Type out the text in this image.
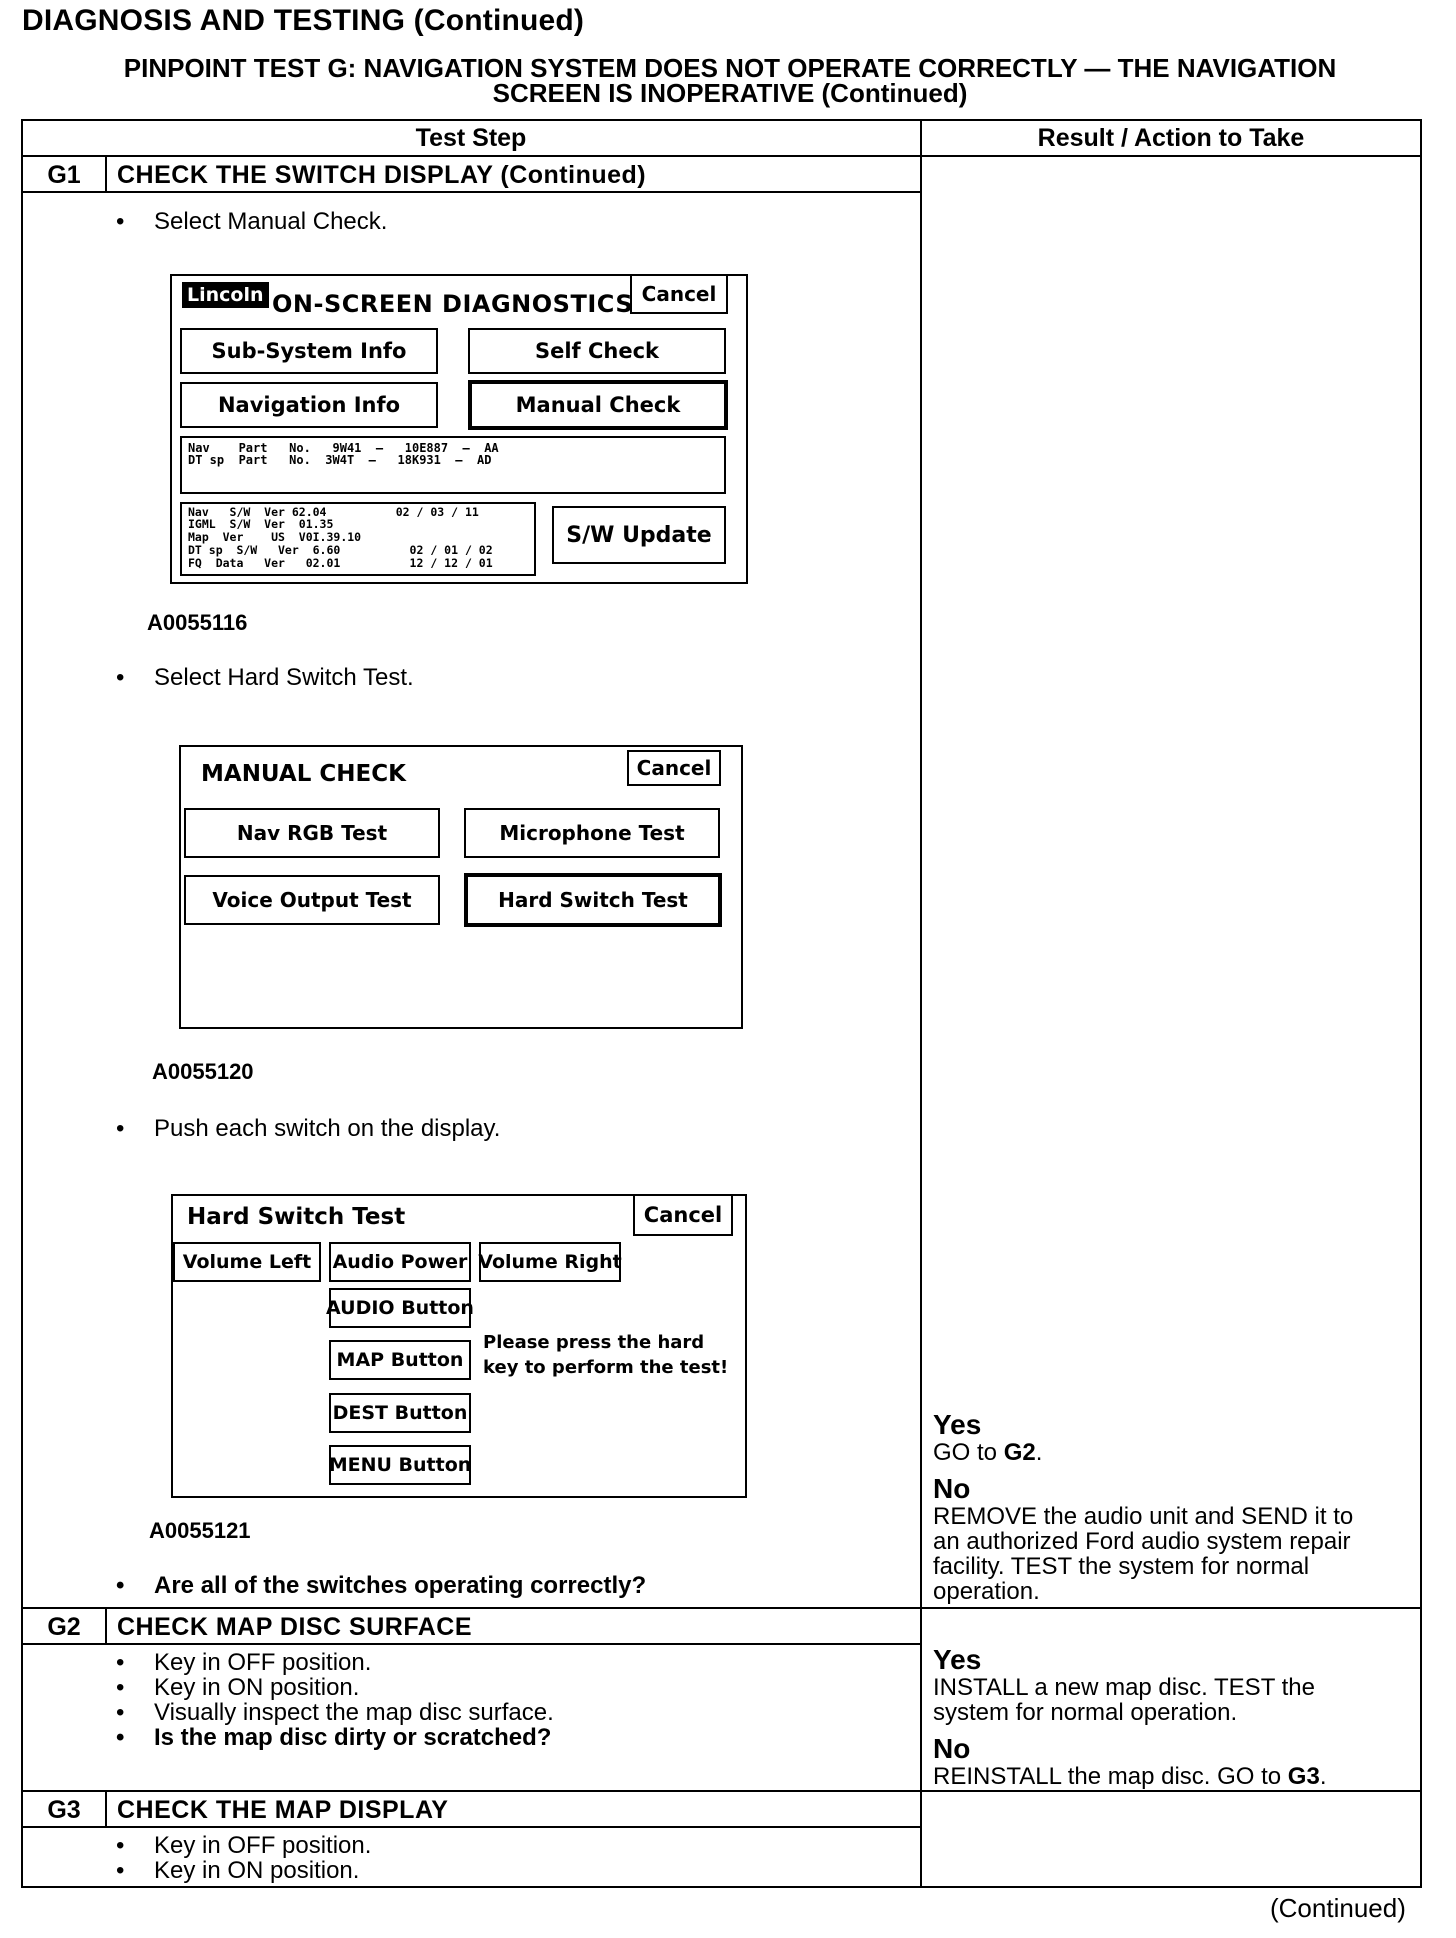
DIAGNOSIS AND TESTING (Continued)
PINPOINT TEST G: NAVIGATION SYSTEM DOES NOT OPERATE CORRECTLY — THE NAVIGATION
SCREEN IS INOPERATIVE (Continued)
Test Step	Result / Action to Take
G1	CHECK THE SWITCH DISPLAY (Continued)
• Select Manual Check.
Lincoln ON-SCREEN DIAGNOSTICS Cancel
Sub-System Info	Self Check
Navigation Info	Manual Check
Nav    Part   No.   9W41  –   10E887  –  AA
DT sp  Part   No.  3W4T  –   18K931  –  AD
Nav   S/W  Ver 62.04          02 / 03 / 11
IGML  S/W  Ver  01.35
Map  Ver    US  V0I.39.10
DT sp  S/W   Ver  6.60          02 / 01 / 02
FQ  Data   Ver   02.01          12 / 12 / 01
S/W Update
A0055116
• Select Hard Switch Test.
MANUAL CHECK	Cancel
Nav RGB Test	Microphone Test
Voice Output Test	Hard Switch Test
A0055120
• Push each switch on the display.
Hard Switch Test	Cancel
Volume Left	Audio Power Volume Right
AUDIO Button
MAP Button
DEST Button
MENU Button
Please press the hard
key to perform the test!
A0055121
• Are all of the switches operating correctly?
Yes

GO to G2.

No

REMOVE the audio unit and SEND it to

an authorized Ford audio system repair

facility. TEST the system for normal

operation.

G2	CHECK MAP DISC SURFACE
• Key in OFF position.
• Key in ON position.
• Visually inspect the map disc surface.
• Is the map disc dirty or scratched?
Yes

INSTALL a new map disc. TEST the

system for normal operation.

No

REINSTALL the map disc. GO to G3.

G3	CHECK THE MAP DISPLAY
• Key in OFF position.
• Key in ON position.
(Continued)
